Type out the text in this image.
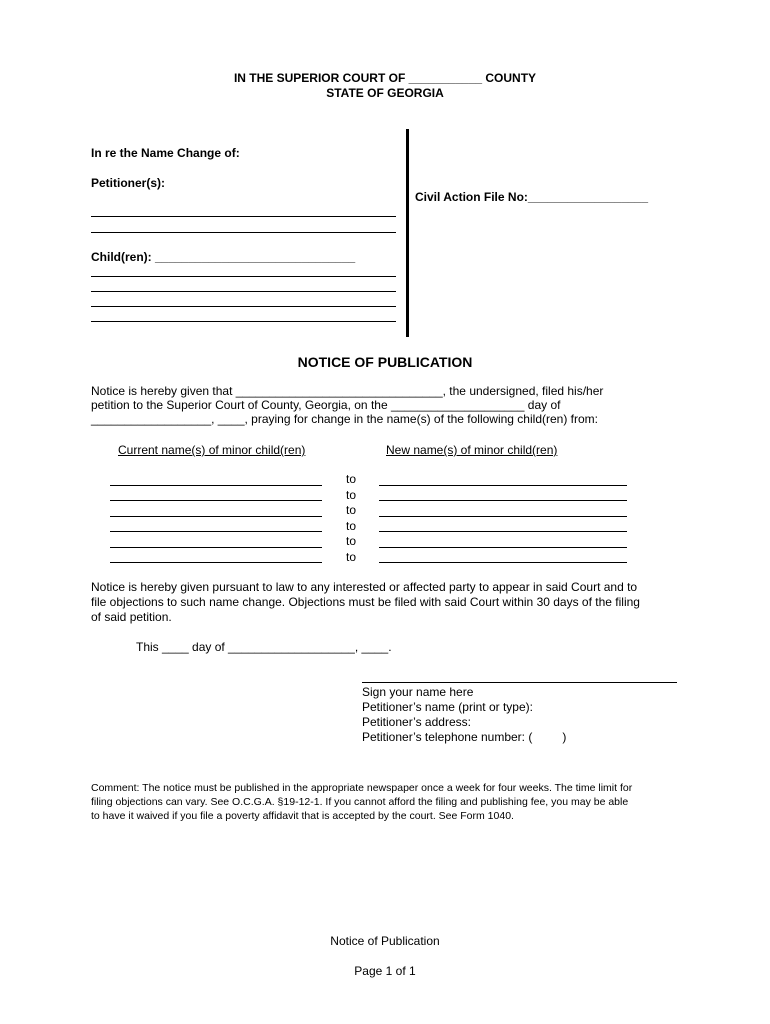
IN THE SUPERIOR COURT OF ___________ COUNTY
STATE OF GEORGIA
In re the Name Change of:
Petitioner(s):
Child(ren): ______________________________
Civil Action File No:__________________
NOTICE OF PUBLICATION
Notice is hereby given that _______________________________, the undersigned, filed his/her
petition to the Superior Court of County, Georgia, on the ____________________ day of
__________________, ____, praying for change in the name(s) of the following child(ren) from:
Current name(s) of minor child(ren)	New name(s) of minor child(ren)
to
to
to
to
to
to
Notice is hereby given pursuant to law to any interested or affected party to appear in said Court and to
file objections to such name change. Objections must be filed with said Court within 30 days of the filing
of said petition.
This ____ day of ___________________, ____.
Sign your name here
Petitioner’s name (print or type):
Petitioner’s address:
Petitioner’s telephone number: (         )
Comment: The notice must be published in the appropriate newspaper once a week for four weeks. The time limit for
filing objections can vary. See O.C.G.A. §19-12-1. If you cannot afford the filing and publishing fee, you may be able
to have it waived if you file a poverty affidavit that is accepted by the court. See Form 1040.
Notice of Publication
Page 1 of 1
